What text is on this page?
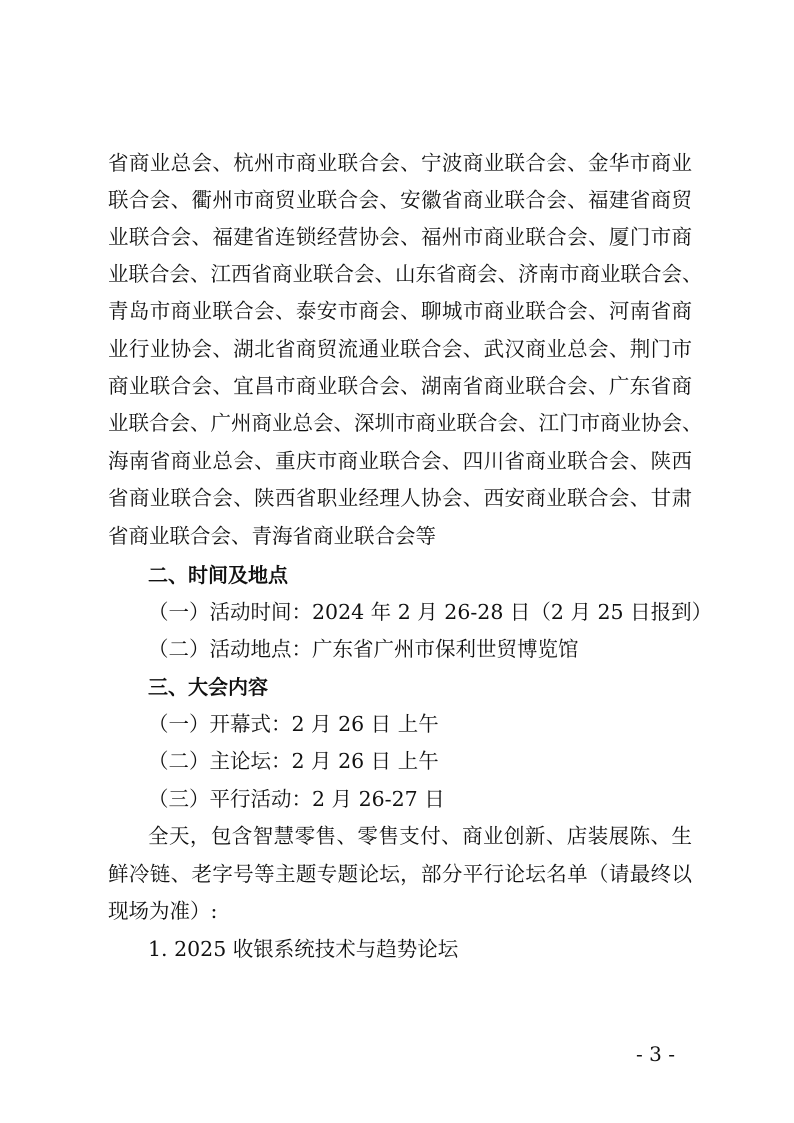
省商业总会、杭州市商业联合会、宁波商业联合会、金华市商业
联合会、衢州市商贸业联合会、安徽省商业联合会、福建省商贸
业联合会、福建省连锁经营协会、福州市商业联合会、厦门市商
业联合会、江西省商业联合会、山东省商会、济南市商业联合会、
青岛市商业联合会、泰安市商会、聊城市商业联合会、河南省商
业行业协会、湖北省商贸流通业联合会、武汉商业总会、荆门市
商业联合会、宜昌市商业联合会、湖南省商业联合会、广东省商
业联合会、广州商业总会、深圳市商业联合会、江门市商业协会、
海南省商业总会、重庆市商业联合会、四川省商业联合会、陕西
省商业联合会、陕西省职业经理人协会、西安商业联合会、甘肃
省商业联合会、青海省商业联合会等
二、时间及地点
（一）活动时间：2024 年 2 月 26-28 日（2 月 25 日报到）
（二）活动地点：广东省广州市保利世贸博览馆
三、大会内容
（一）开幕式：2 月 26 日 上午
（二）主论坛：2 月 26 日 上午
（三）平行活动：2 月 26-27 日
全天，包含智慧零售、零售支付、商业创新、店装展陈、生
鲜冷链、老字号等主题专题论坛，部分平行论坛名单（请最终以
现场为准）:
1. 2025 收银系统技术与趋势论坛
- 3 -
